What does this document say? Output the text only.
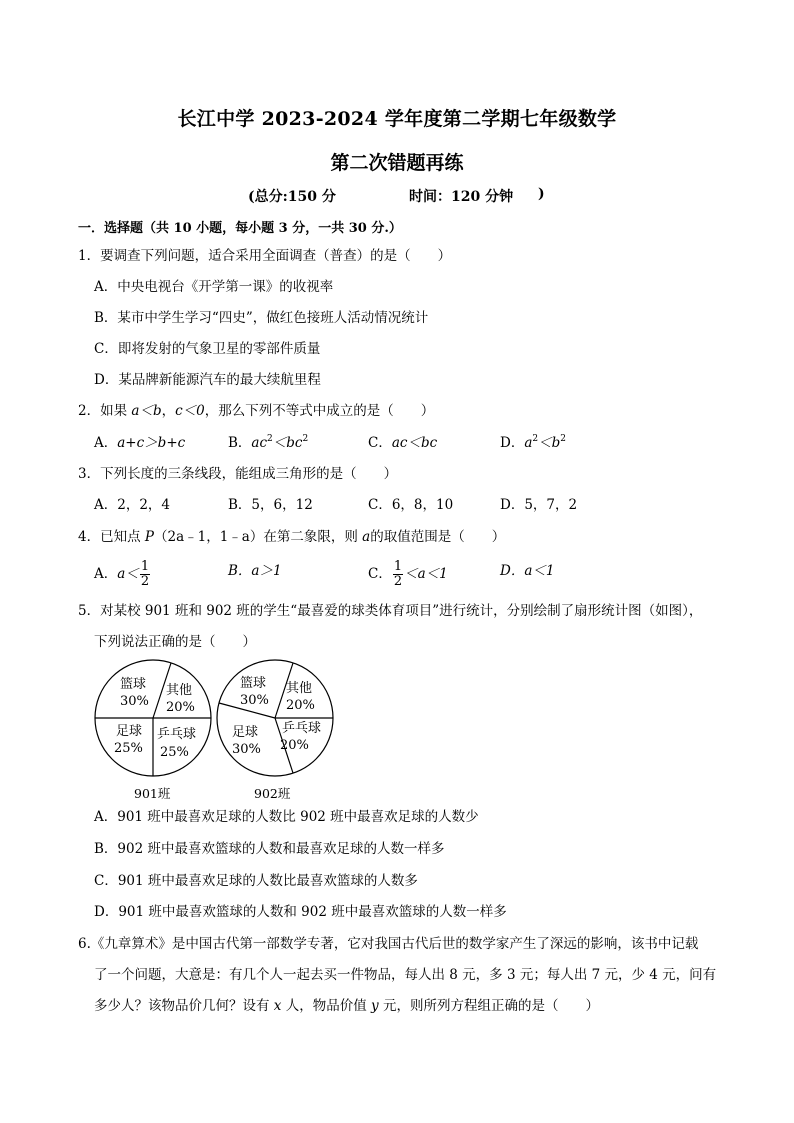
长江中学 2023-2024 学年度第二学期七年级数学
第二次错题再练
(总分:150 分	时间：120 分钟 )
一．选择题（共 10 小题，每小题 3 分，一共 30 分.）
1．要调查下列问题，适合采用全面调查（普查）的是（　　）
A．中央电视台《开学第一课》的收视率
B．某市中学生学习“四史”，做红色接班人活动情况统计
C．即将发射的气象卫星的零部件质量
D．某品牌新能源汽车的最大续航里程
2．如果 a＜b，c＜0，那么下列不等式中成立的是（　　）
A．a+c＞b+c	B．$ac^2<bc^2$	C．ac＜bc	D．$a^2<b^2$
3．下列长度的三条线段，能组成三角形的是（　　）
A．2，2，4	B．5，6，12	C．6，8，10	D．5，7，2
4．已知点 P（2a﹣1，1﹣a）在第二象限，则 a的取值范围是（　　）
A．$a< \frac{1}{2}$	B．a＞1	C． $\frac{1}{2} <a<1$	D．a＜1
5．对某校 901 班和 902 班的学生“最喜爱的球类体育项目”进行统计，分别绘制了扇形统计图（如图），
下列说法正确的是（　　）
篮球
30%
其他
20%
乒乓球
25%
足球
25%
901班
篮球
30%
其他
20%
乒乓球
20%
足球
30%
902班
A．901 班中最喜欢足球的人数比 902 班中最喜欢足球的人数少
B．902 班中最喜欢篮球的人数和最喜欢足球的人数一样多
C．901 班中最喜欢足球的人数比最喜欢篮球的人数多
D．901 班中最喜欢篮球的人数和 902 班中最喜欢篮球的人数一样多
6.《九章算术》是中国古代第一部数学专著，它对我国古代后世的数学家产生了深远的影响，该书中记载
了一个问题，大意是：有几个人一起去买一件物品，每人出 8 元，多 3 元；每人出 7 元，少 4 元，问有
多少人？该物品价几何？设有 x 人，物品价值 y 元，则所列方程组正确的是（　　）
